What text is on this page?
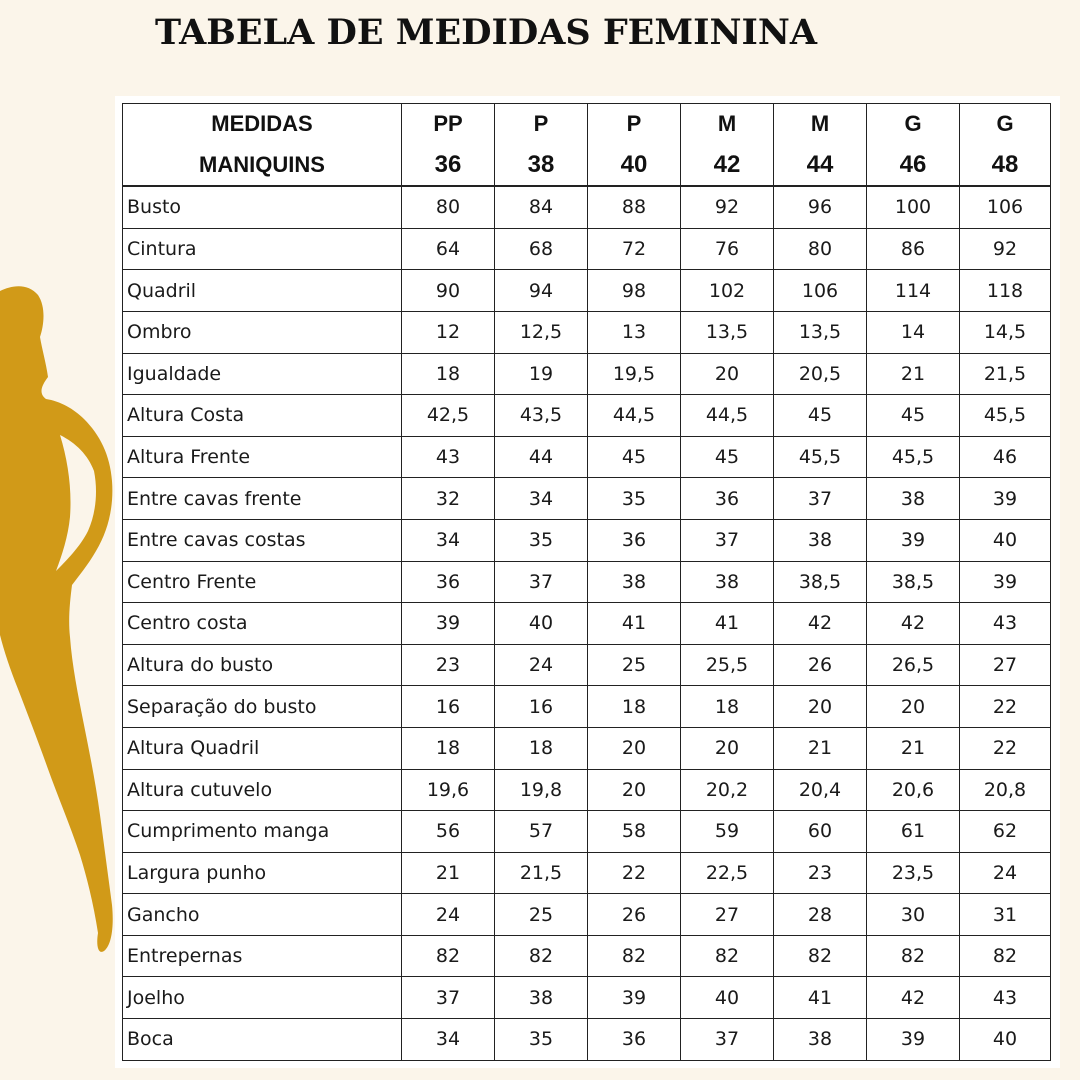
TABELA DE MEDIDAS FEMININA
MEDIDAS	PP	P	P	M	M	G	G
MANIQUINS	36	38	40	42	44	46	48
Busto	80	84	88	92	96	100	106
Cintura	64	68	72	76	80	86	92
Quadril	90	94	98	102	106	114	118
Ombro	12	12,5	13	13,5	13,5	14	14,5
Igualdade	18	19	19,5	20	20,5	21	21,5
Altura Costa	42,5	43,5	44,5	44,5	45	45	45,5
Altura Frente	43	44	45	45	45,5	45,5	46
Entre cavas frente	32	34	35	36	37	38	39
Entre cavas costas	34	35	36	37	38	39	40
Centro Frente	36	37	38	38	38,5	38,5	39
Centro costa	39	40	41	41	42	42	43
Altura do busto	23	24	25	25,5	26	26,5	27
Separação do busto	16	16	18	18	20	20	22
Altura Quadril	18	18	20	20	21	21	22
Altura cutuvelo	19,6	19,8	20	20,2	20,4	20,6	20,8
Cumprimento manga	56	57	58	59	60	61	62
Largura punho	21	21,5	22	22,5	23	23,5	24
Gancho	24	25	26	27	28	30	31
Entrepernas	82	82	82	82	82	82	82
Joelho	37	38	39	40	41	42	43
Boca	34	35	36	37	38	39	40
